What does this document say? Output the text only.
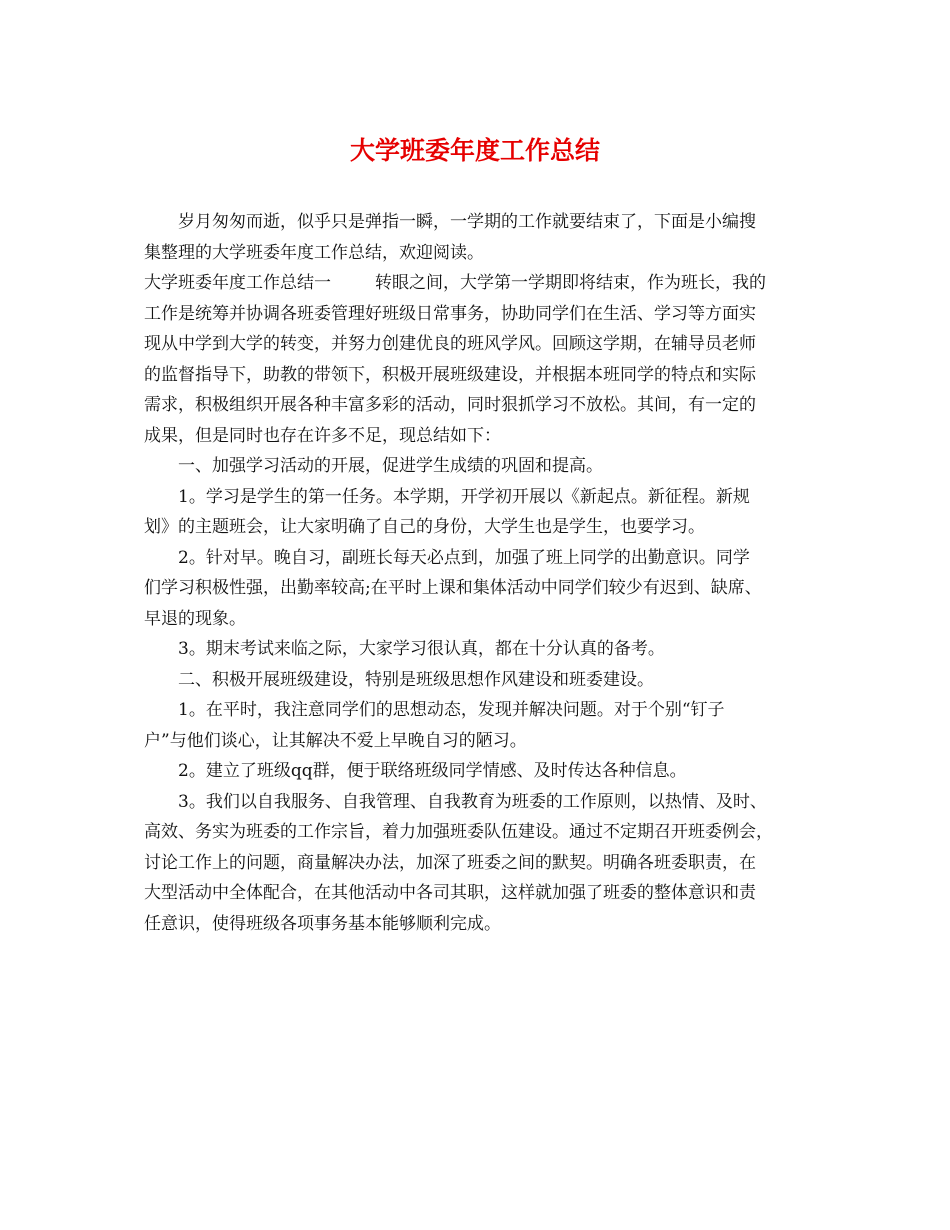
大学班委年度工作总结
岁月匆匆而逝，似乎只是弹指一瞬，一学期的工作就要结束了，下面是小编搜
集整理的大学班委年度工作总结，欢迎阅读。
大学班委年度工作总结一	转眼之间，大学第一学期即将结束，作为班长，我的
工作是统筹并协调各班委管理好班级日常事务，协助同学们在生活、学习等方面实
现从中学到大学的转变，并努力创建优良的班风学风。回顾这学期，在辅导员老师
的监督指导下，助教的带领下，积极开展班级建设，并根据本班同学的特点和实际
需求，积极组织开展各种丰富多彩的活动，同时狠抓学习不放松。其间，有一定的
成果，但是同时也存在许多不足，现总结如下：
一、加强学习活动的开展，促进学生成绩的巩固和提高。
1。学习是学生的第一任务。本学期，开学初开展以《新起点。新征程。新规
划》的主题班会，让大家明确了自己的身份，大学生也是学生，也要学习。
2。针对早。晚自习，副班长每天必点到，加强了班上同学的出勤意识。同学
们学习积极性强，出勤率较高;在平时上课和集体活动中同学们较少有迟到、缺席、
早退的现象。
3。期末考试来临之际，大家学习很认真，都在十分认真的备考。
二、积极开展班级建设，特别是班级思想作风建设和班委建设。
1。在平时，我注意同学们的思想动态，发现并解决问题。对于个别“钉子
户”与他们谈心，让其解决不爱上早晚自习的陋习。
2。建立了班级qq群，便于联络班级同学情感、及时传达各种信息。
3。我们以自我服务、自我管理、自我教育为班委的工作原则，以热情、及时、
高效、务实为班委的工作宗旨，着力加强班委队伍建设。通过不定期召开班委例会，
讨论工作上的问题，商量解决办法，加深了班委之间的默契。明确各班委职责，在
大型活动中全体配合，在其他活动中各司其职，这样就加强了班委的整体意识和责
任意识，使得班级各项事务基本能够顺利完成。
